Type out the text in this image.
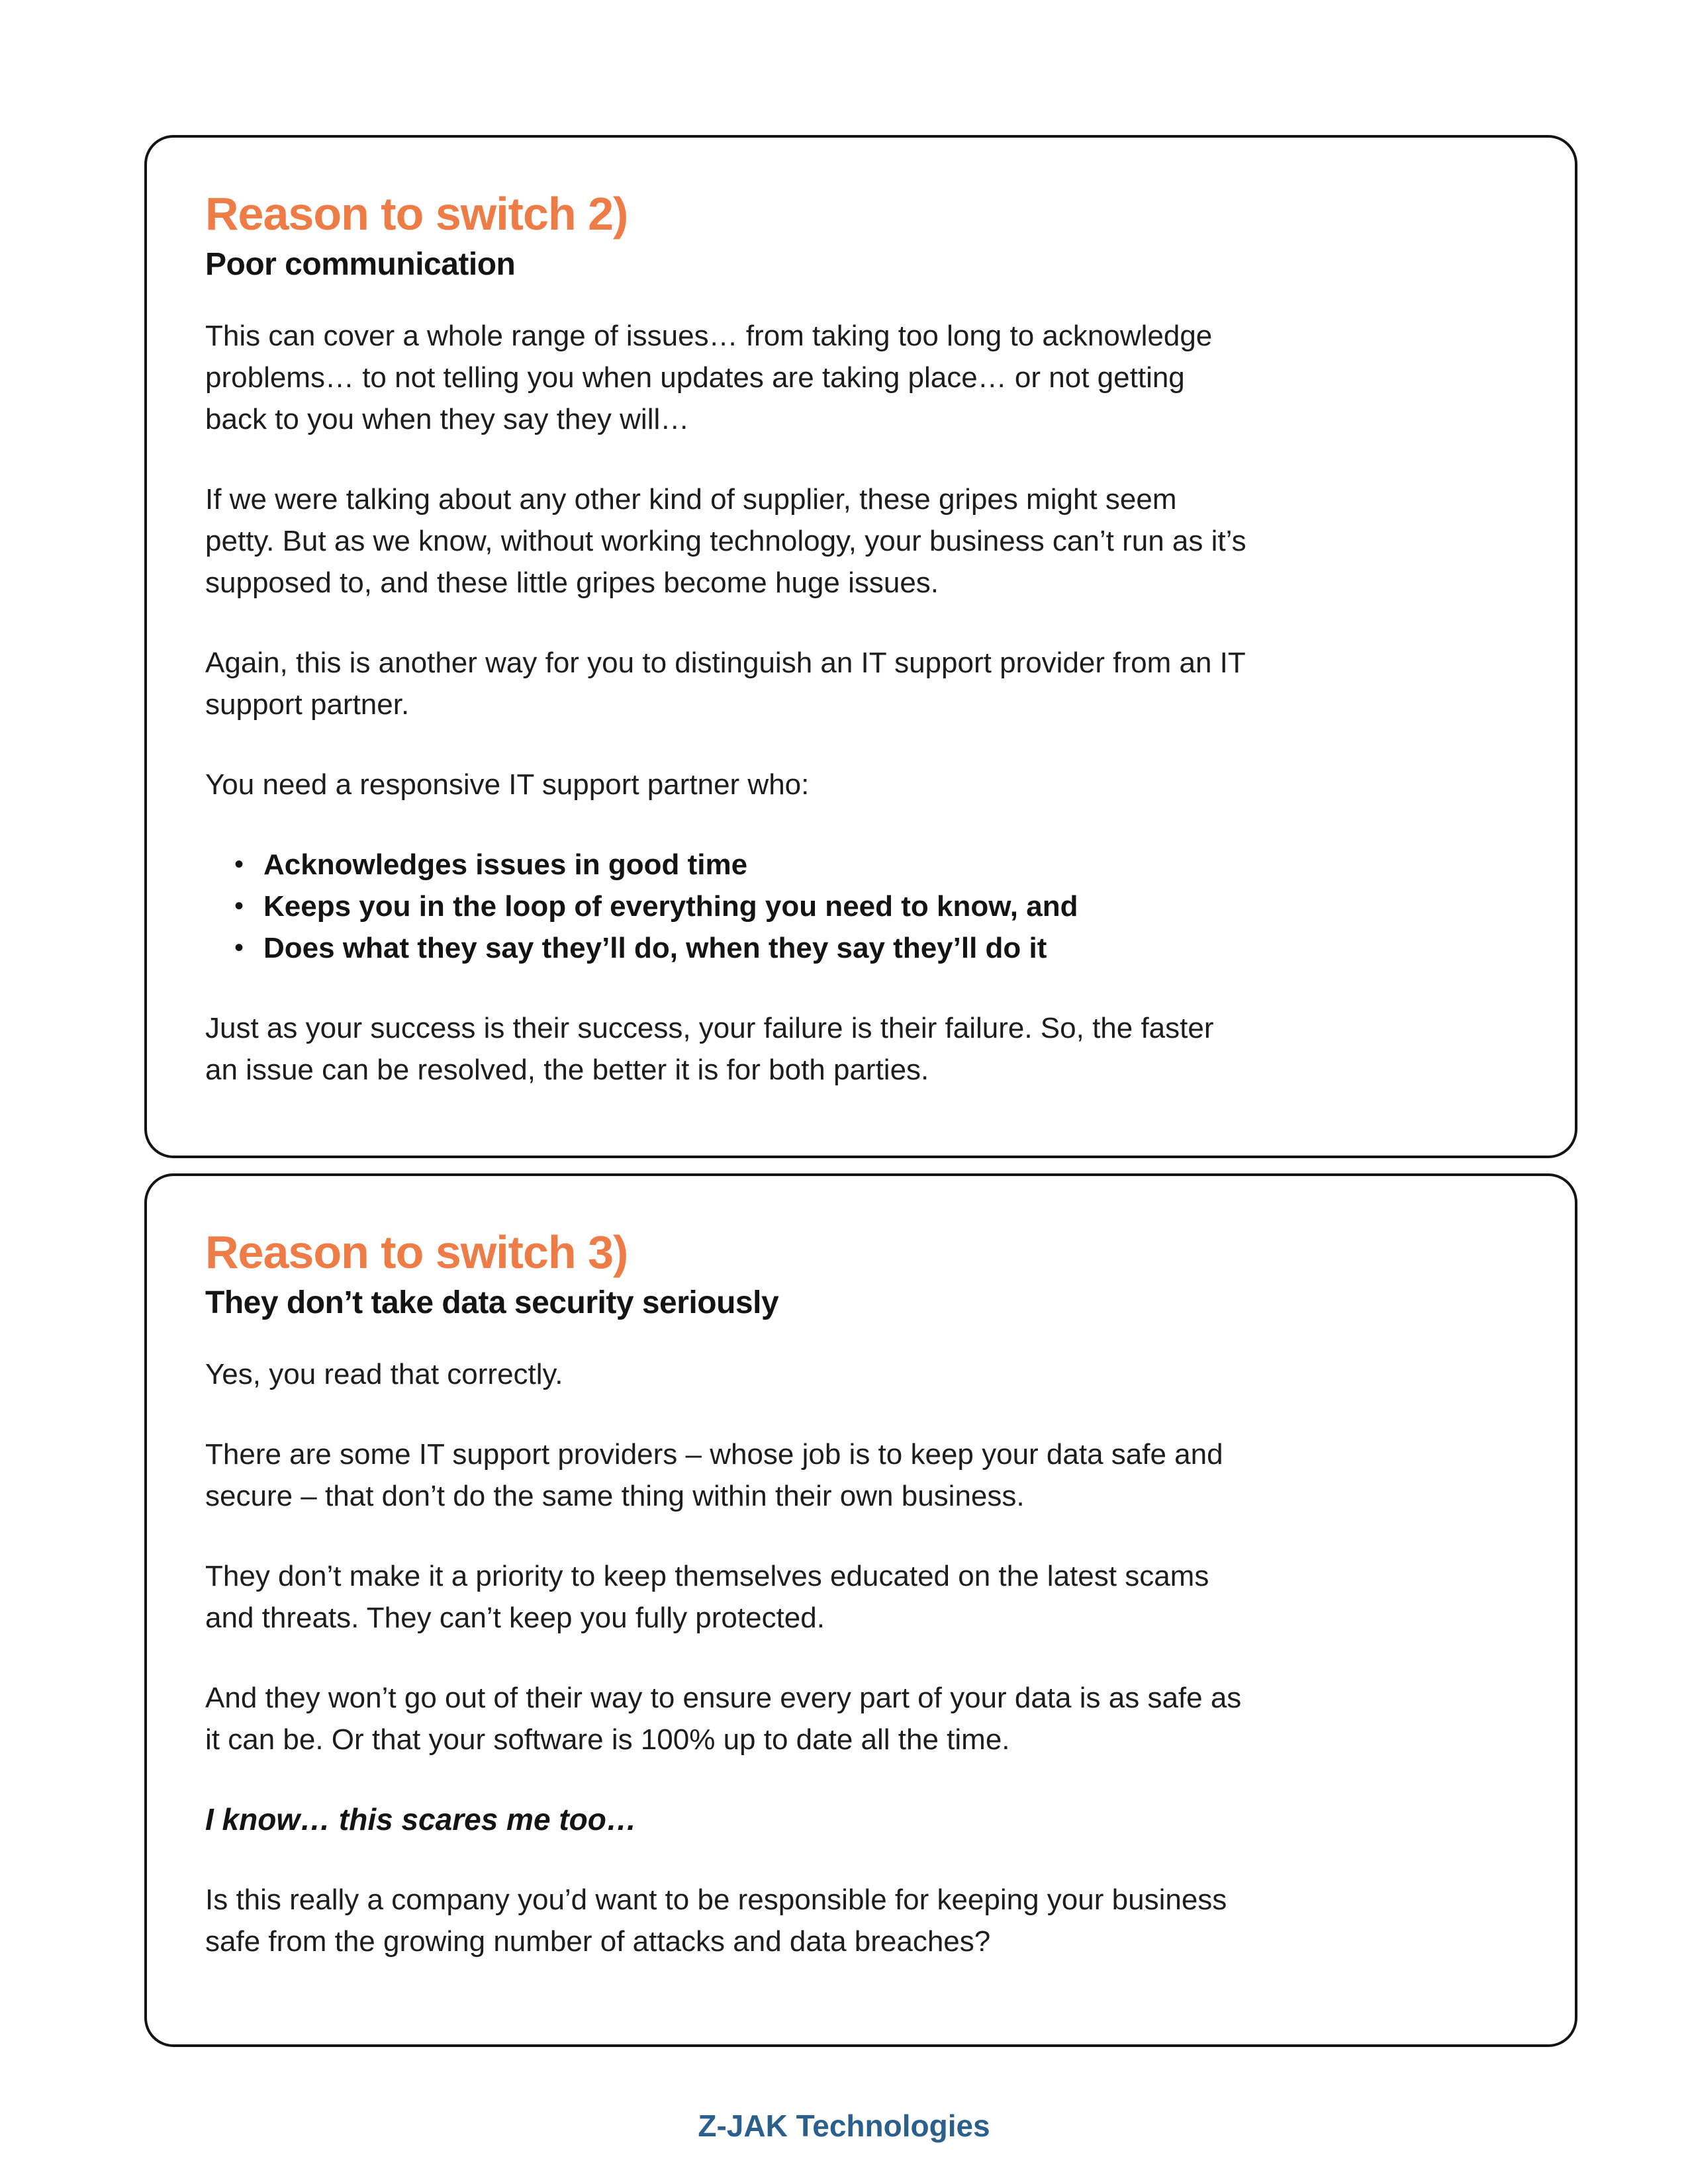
Reason to switch 2)
Poor communication

This can cover a whole range of issues… from taking too long to acknowledge problems… to not telling you when updates are taking place… or not getting back to you when they say they will…

If we were talking about any other kind of supplier, these gripes might seem petty. But as we know, without working technology, your business can’t run as it’s supposed to, and these little gripes become huge issues.

Again, this is another way for you to distinguish an IT support provider from an IT support partner.

You need a responsive IT support partner who:

• Acknowledges issues in good time
• Keeps you in the loop of everything you need to know, and
• Does what they say they’ll do, when they say they’ll do it

Just as your success is their success, your failure is their failure. So, the faster an issue can be resolved, the better it is for both parties.

Reason to switch 3)
They don’t take data security seriously

Yes, you read that correctly.

There are some IT support providers – whose job is to keep your data safe and secure – that don’t do the same thing within their own business.

They don’t make it a priority to keep themselves educated on the latest scams and threats. They can’t keep you fully protected.

And they won’t go out of their way to ensure every part of your data is as safe as it can be. Or that your software is 100% up to date all the time.

I know… this scares me too…

Is this really a company you’d want to be responsible for keeping your business safe from the growing number of attacks and data breaches?

Z-JAK Technologies
